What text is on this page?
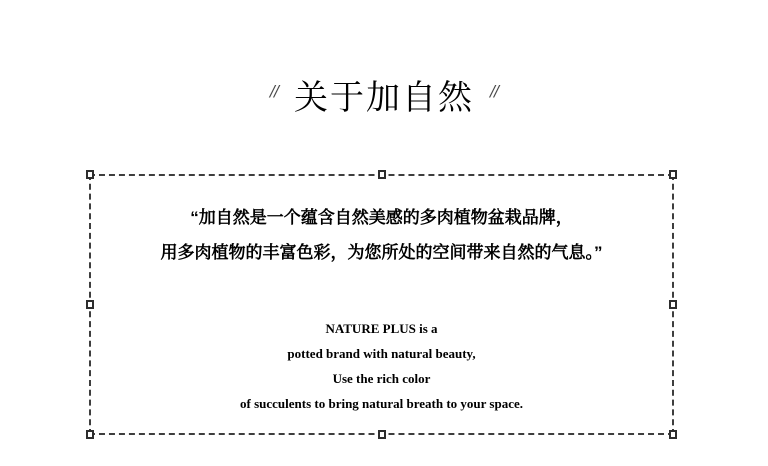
// 关于加自然 //
“加自然是一个蕴含自然美感的多肉植物盆栽品牌，
用多肉植物的丰富色彩，为您所处的空间带来自然的气息。”
NATURE PLUS is a
potted brand with natural beauty,
Use the rich color
of succulents to bring natural breath to your space.
